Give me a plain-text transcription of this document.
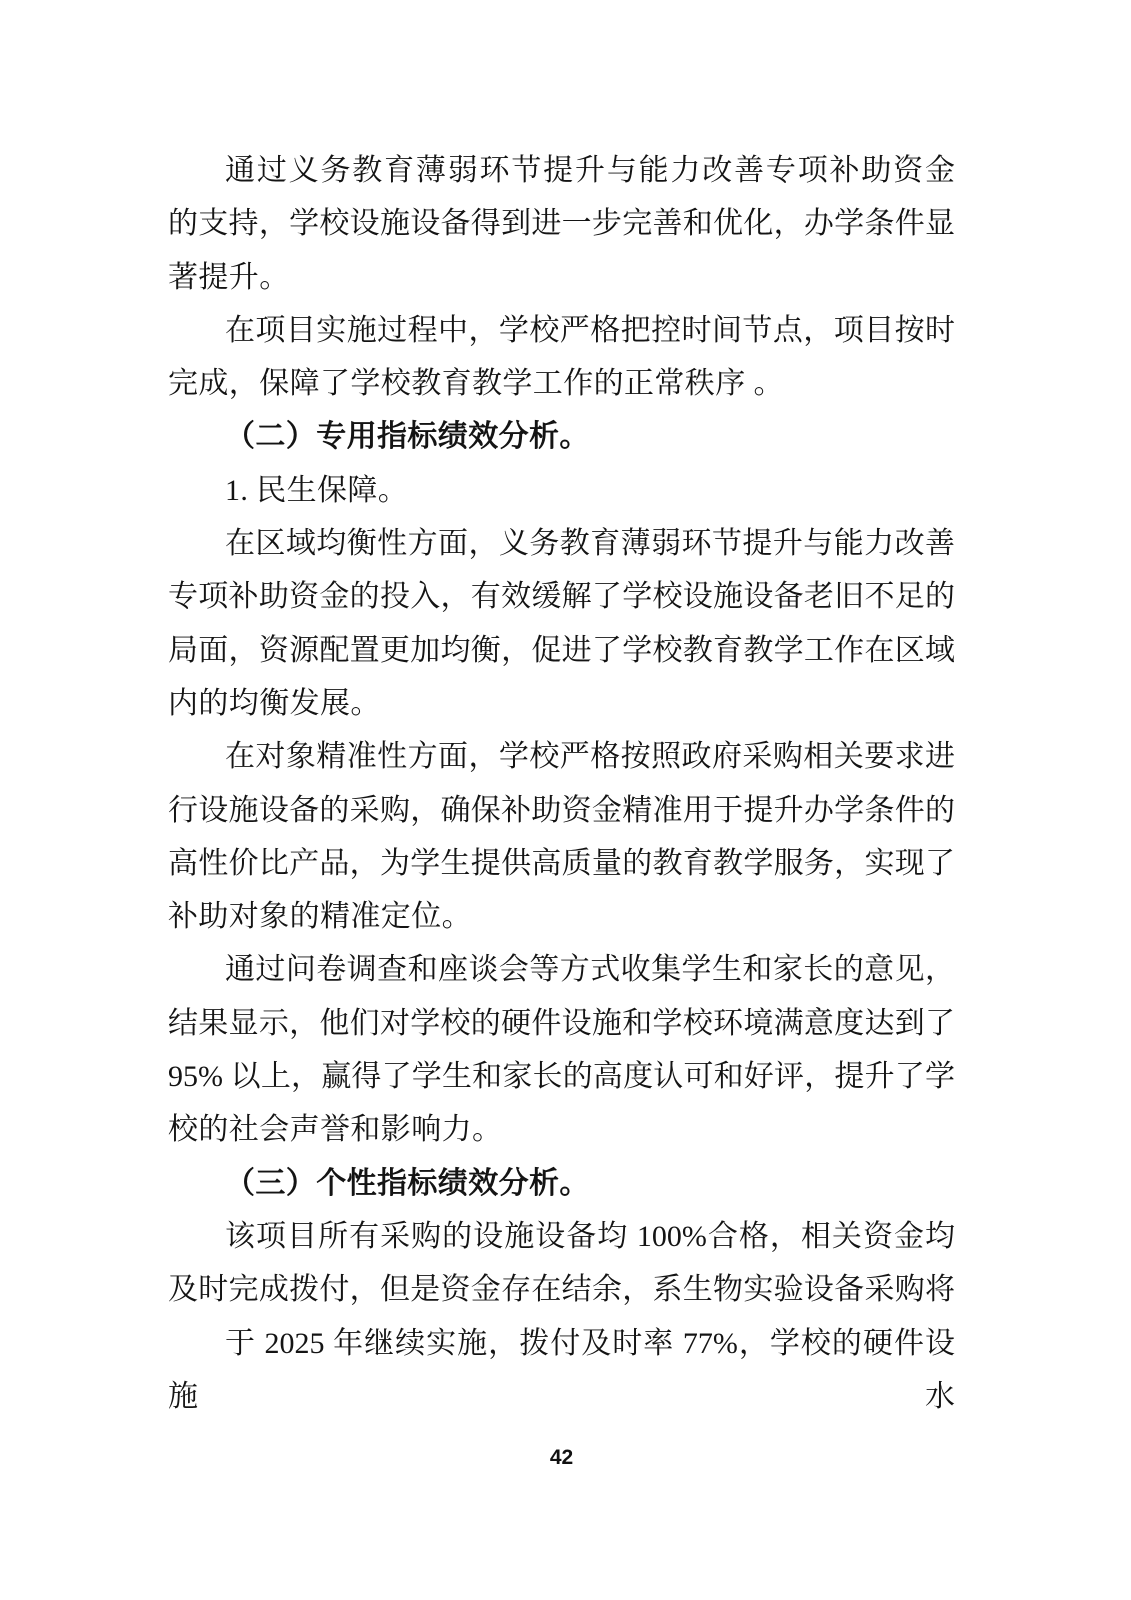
通过义务教育薄弱环节提升与能力改善专项补助资金
的支持，学校设施设备得到进一步完善和优化，办学条件显
著提升。
在项目实施过程中，学校严格把控时间节点，项目按时
完成，保障了学校教育教学工作的正常秩序 。
（二）专用指标绩效分析。
1. 民生保障。
在区域均衡性方面，义务教育薄弱环节提升与能力改善
专项补助资金的投入，有效缓解了学校设施设备老旧不足的
局面，资源配置更加均衡，促进了学校教育教学工作在区域
内的均衡发展。
在对象精准性方面，学校严格按照政府采购相关要求进
行设施设备的采购，确保补助资金精准用于提升办学条件的
高性价比产品，为学生提供高质量的教育教学服务，实现了
补助对象的精准定位。
通过问卷调查和座谈会等方式收集学生和家长的意见，
结果显示，他们对学校的硬件设施和学校环境满意度达到了
95% 以上，赢得了学生和家长的高度认可和好评，提升了学
校的社会声誉和影响力。
（三）个性指标绩效分析。
该项目所有采购的设施设备均 100%合格，相关资金均
及时完成拨付，但是资金存在结余，系生物实验设备采购将
于 2025 年继续实施，拨付及时率 77%，学校的硬件设施水
42
